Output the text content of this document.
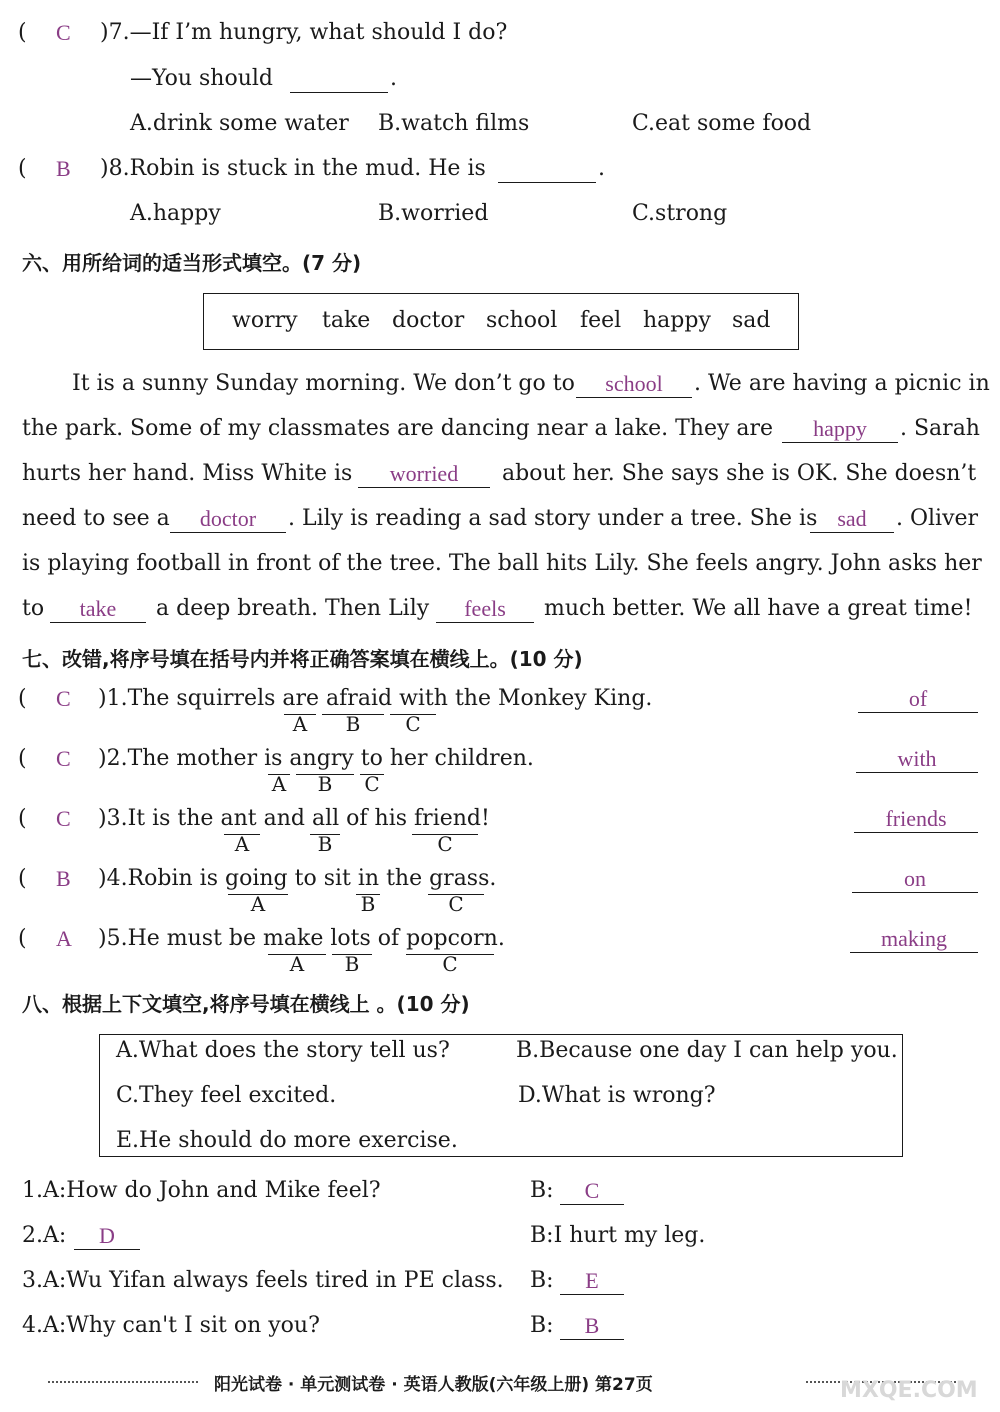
( C )7.—If I’m hungry, what should I do?
—You should	.
A.drink some water B.watch films	C.eat some food
( B )8.Robin is stuck in the mud. He is	.
A.happy	B.worried	C.strong
六、用所给词的适当形式填空。(7 分)
worry take doctor school feel happy sad
It is a sunny Sunday morning. We don’t go to	school	. We are having a picnic in
the park. Some of my classmates are dancing near a lake. They are	happy	. Sarah
hurts her hand. Miss White is	worried	about her. She says she is OK. She doesn’t
need to see a	doctor	. Lily is reading a sad story under a tree. She is sad	. Oliver
is playing football in front of the tree. The ball hits Lily. She feels angry. John asks her
to	take	a deep breath. Then Lily	feels	much better. We all have a great time!
七、改错,将序号填在括号内并将正确答案填在横线上。(10 分)
( C )1.The squirrels are afraid with the Monkey King.
A	B	C
of
( C )2.The mother is angry to her children.
A	B	C
with
( C )3.It is the ant and all of his friend!
A	B	C
friends
( B )4.Robin is going to sit in the grass.
A	B	C
on
( A )5.He must be make lots of popcorn.
A	B	C
making
八、根据上下文填空,将序号填在横线上 。(10 分)
A.What does the story tell us?	B.Because one day I can help you.
C.They feel excited.	D.What is wrong?
E.He should do more exercise.
1.A:How do John and Mike feel?	B:	C
2.A:	D	B:I hurt my leg.
3.A:Wu Yifan always feels tired in PE class. B:	E
4.A:Why can't I sit on you?	B:	B
阳光试卷 · 单元测试卷 · 英语人教版(六年级上册) 第27页	MXQE.COM
